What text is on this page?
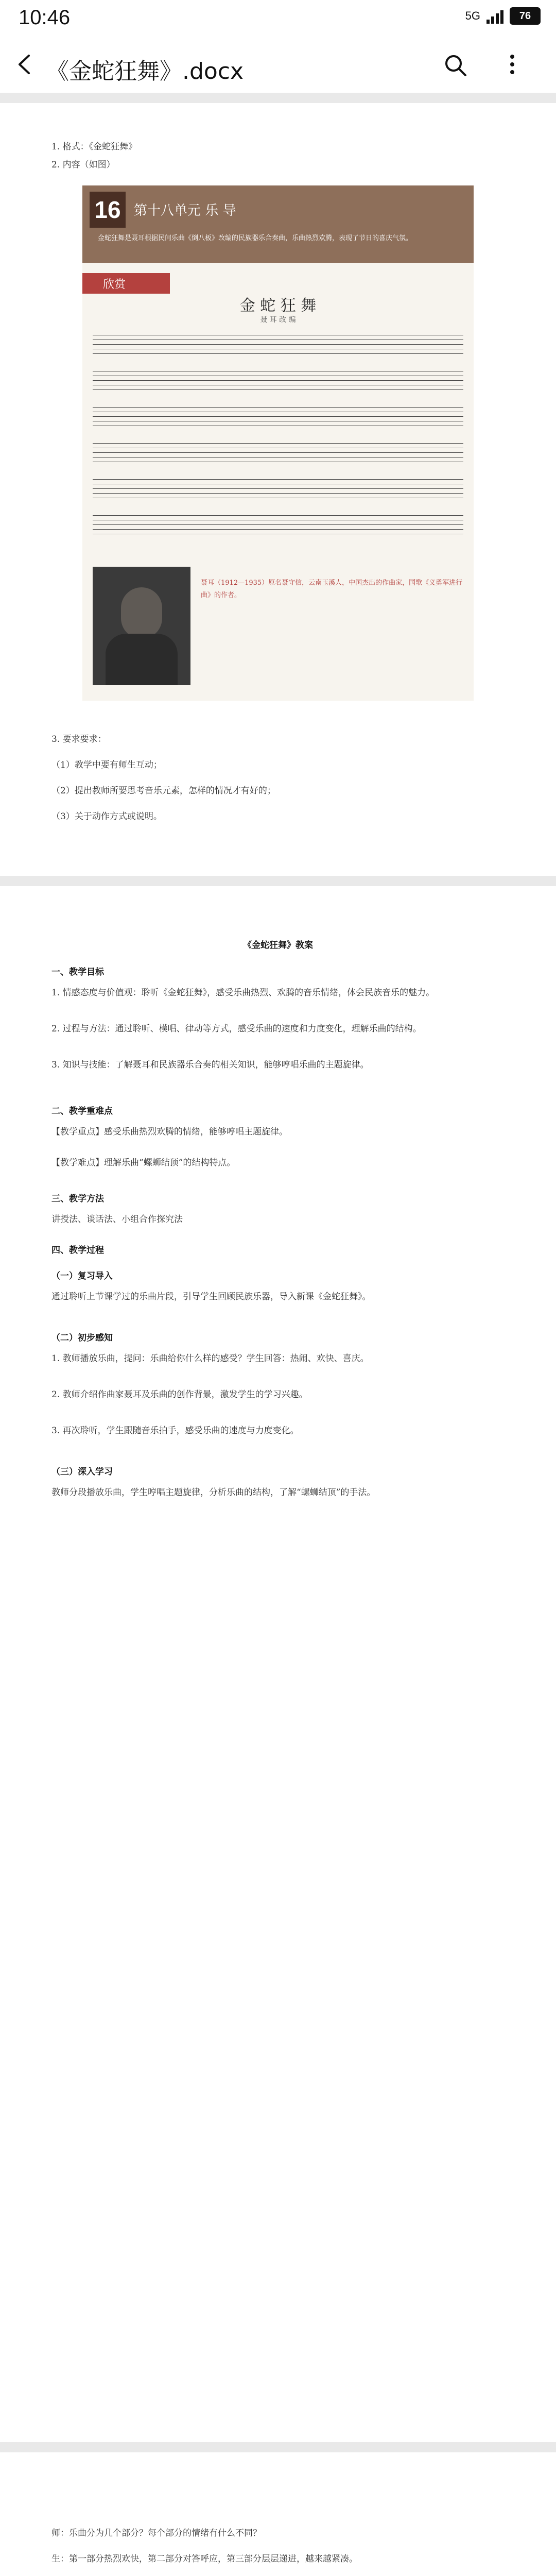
10:46	5G	76
《金蛇狂舞》.docx
1. 格式：《金蛇狂舞》
2. 内容（如图）
16 第十八单元 乐 导
金蛇狂舞是聂耳根据民间乐曲《倒八板》改编的民族器乐合奏曲，乐曲热烈欢腾，表现了节日的喜庆气氛。
欣赏
金 蛇 狂 舞
聂 耳 改 编
聂耳（1912—1935）原名聂守信，云南玉溪人，中国杰出的作曲家，国歌《义勇军进行曲》的作者。
3. 要求要求：
（1）教学中要有师生互动；
（2）提出教师所要思考音乐元素，怎样的情况才有好的；
（3）关于动作方式或说明。
《金蛇狂舞》教案
一、教学目标
1. 情感态度与价值观：聆听《金蛇狂舞》，感受乐曲热烈、欢腾的音乐情绪，体会民族音乐的魅力。
2. 过程与方法：通过聆听、模唱、律动等方式，感受乐曲的速度和力度变化，理解乐曲的结构。
3. 知识与技能：了解聂耳和民族器乐合奏的相关知识，能够哼唱乐曲的主题旋律。
二、教学重难点
【教学重点】感受乐曲热烈欢腾的情绪，能够哼唱主题旋律。
【教学难点】理解乐曲“螺蛳结顶”的结构特点。
三、教学方法
讲授法、谈话法、小组合作探究法
四、教学过程
（一）复习导入
通过聆听上节课学过的乐曲片段，引导学生回顾民族乐器，导入新课《金蛇狂舞》。
（二）初步感知
1. 教师播放乐曲，提问：乐曲给你什么样的感受？学生回答：热闹、欢快、喜庆。
2. 教师介绍作曲家聂耳及乐曲的创作背景，激发学生的学习兴趣。
3. 再次聆听，学生跟随音乐拍手，感受乐曲的速度与力度变化。
（三）深入学习
教师分段播放乐曲，学生哼唱主题旋律，分析乐曲的结构，了解“螺蛳结顶”的手法。
师：乐曲分为几个部分？每个部分的情绪有什么不同？
生：第一部分热烈欢快，第二部分对答呼应，第三部分层层递进，越来越紧凑。
